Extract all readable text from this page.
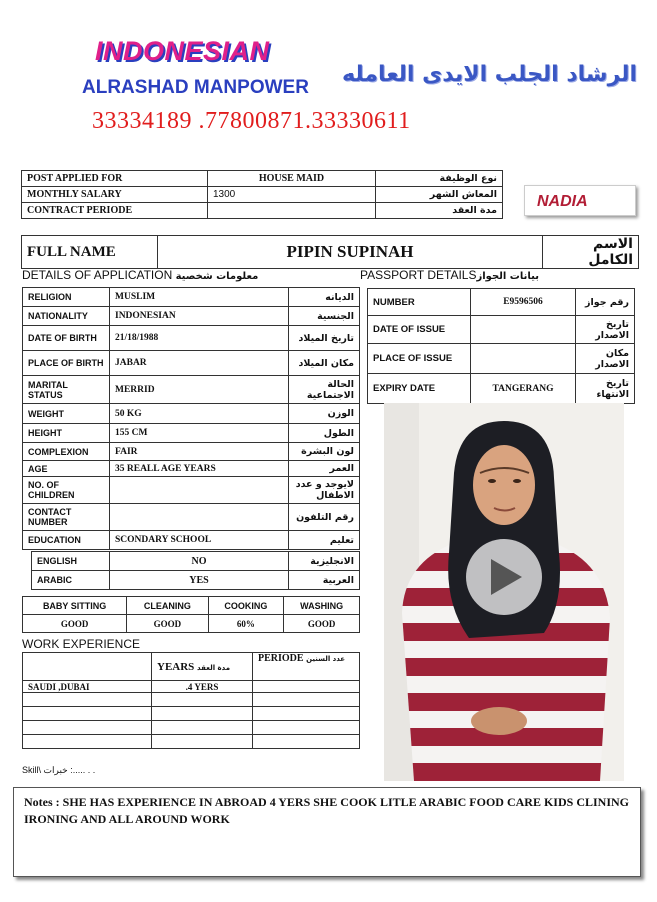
INDONESIAN
ALRASHAD MANPOWER
الرشاد الجلب الايدى العامله
33334189 .77800871.33330611
POST APPLIED FOR	HOUSE MAID	نوع الوظيفة
MONTHLY SALARY	1300	المعاش الشهر
CONTRACT PERIODE		مدة العقد
NADIA
FULL NAME	PIPIN SUPINAH	الاسم الكامل
DETAILS OF APPLICATION معلومات شخصية	PASSPORT DETAILSبيانات الجواز
RELIGION	MUSLIM	الديانه
NATIONALITY	INDONESIAN	الجنسية
DATE OF BIRTH	21/18/1988	تاريخ الميلاد
PLACE OF BIRTH	JABAR	مكان الميلاد
MARITAL STATUS	MERRID	الحالة الاجتماعية
WEIGHT	50 KG	الوزن
HEIGHT	155 CM	الطول
COMPLEXION	FAIR	لون البشرة
AGE	35 REALL AGE YEARS	العمر
NO. OF CHILDREN		لايوجد و عدد الاطفال
CONTACT NUMBER		رقم التلفون
EDUCATION	SCONDARY SCHOOL	تعليم
ENGLISH	NO	الانجليزية
ARABIC	YES	العربية
BABY SITTING	CLEANING	COOKING	WASHING
GOOD	GOOD	60%	GOOD
WORK EXPERIENCE
	YEARS مدة العقد	PERIODE عدد السنين
SAUDI ,DUBAI	.4 YERS	

Skill\ خبرات :..... . .
NUMBER	E9596506	رقم جواز
DATE OF ISSUE		تاريخ الاصدار
PLACE OF ISSUE		مكان الاصدار
EXPIRY DATE	TANGERANG	تاريخ الانتهاء
Notes : SHE HAS EXPERIENCE IN ABROAD 4 YERS SHE COOK LITLE ARABIC FOOD CARE KIDS CLINING IRONING AND ALL AROUND WORK
